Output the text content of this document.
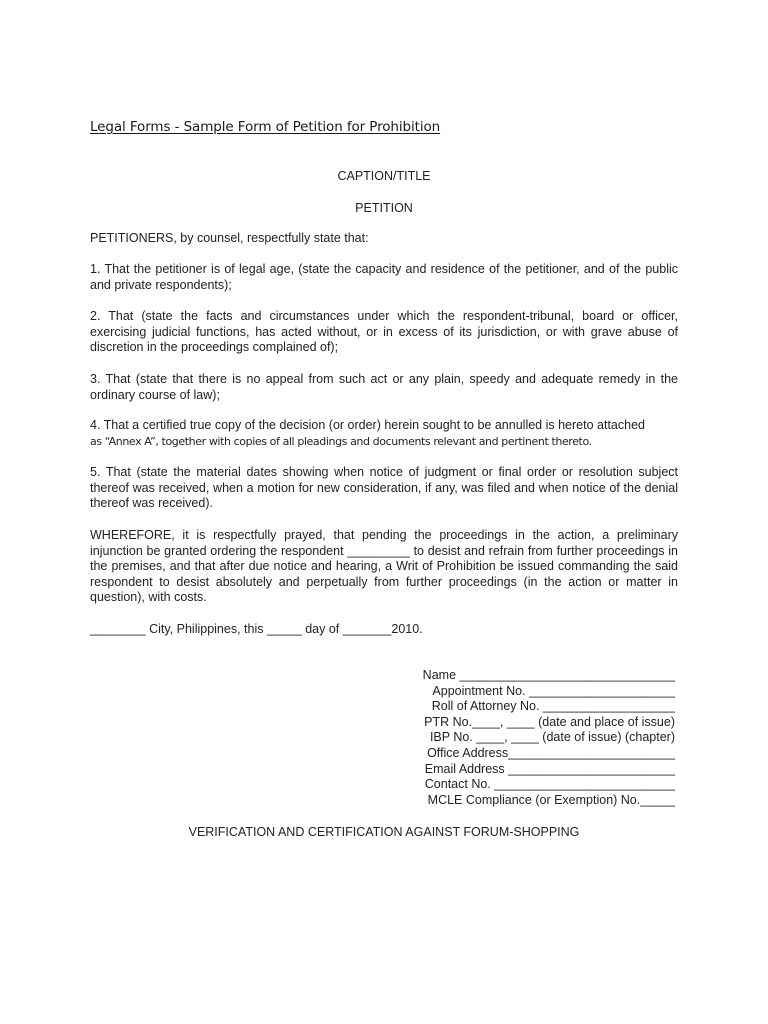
Legal Forms - Sample Form of Petition for Prohibition
CAPTION/TITLE
PETITION

PETITIONERS, by counsel, respectfully state that:

1. That the petitioner is of legal age, (state the capacity and residence of the petitioner, and of the public and private respondents);

2. That (state the facts and circumstances under which the respondent-tribunal, board or officer, exercising judicial functions, has acted without, or in excess of its jurisdiction, or with grave abuse of discretion in the proceedings complained of);

3. That (state that there is no appeal from such act or any plain, speedy and adequate remedy in the ordinary course of law);

4. That a certified true copy of the decision (or order) herein sought to be annulled is hereto attached
as “Annex A”, together with copies of all pleadings and documents relevant and pertinent thereto.

5. That (state the material dates showing when notice of judgment or final order or resolution subject thereof was received, when a motion for new consideration, if any, was filed and when notice of the denial thereof was received).

WHEREFORE, it is respectfully prayed, that pending the proceedings in the action, a preliminary injunction be granted ordering the respondent _________ to desist and refrain from further proceedings in the premises, and that after due notice and hearing, a Writ of Prohibition be issued commanding the said respondent to desist absolutely and perpetually from further proceedings (in the action or matter in question), with costs.

________ City, Philippines, this _____ day of _______2010.

Name _______________________________
Appointment No. _____________________
Roll of Attorney No. ___________________
PTR No.____, ____ (date and place of issue)
IBP No. ____, ____ (date of issue) (chapter)
Office Address________________________
Email Address ________________________
Contact No. __________________________
MCLE Compliance (or Exemption) No._____
VERIFICATION AND CERTIFICATION AGAINST FORUM-SHOPPING
